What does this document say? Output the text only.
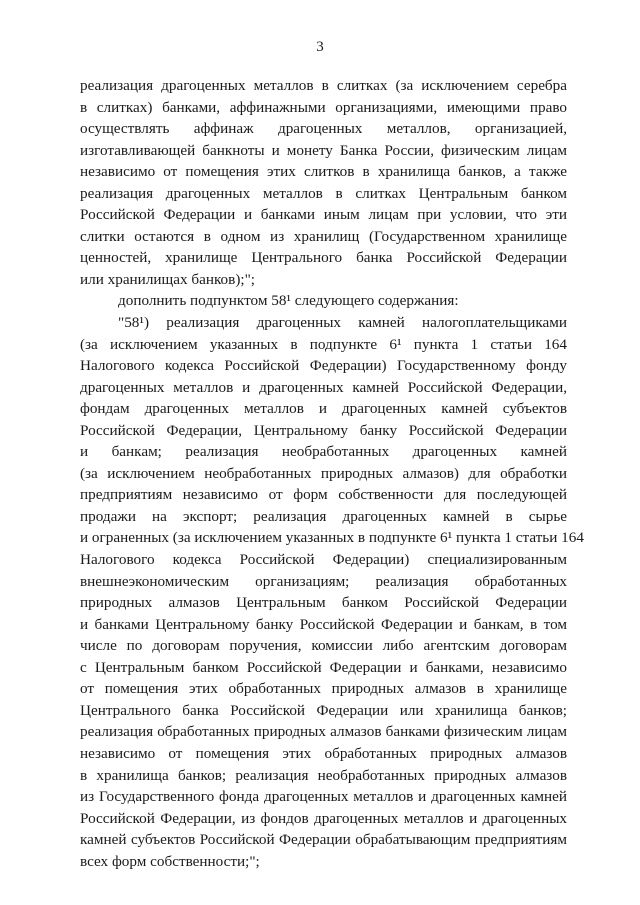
3
реализация драгоценных металлов в слитках (за исключением серебра
в слитках) банками, аффинажными организациями, имеющими право
осуществлять аффинаж драгоценных металлов, организацией,
изготавливающей банкноты и монету Банка России, физическим лицам
независимо от помещения этих слитков в хранилища банков, а также
реализация драгоценных металлов в слитках Центральным банком
Российской Федерации и банками иным лицам при условии, что эти
слитки остаются в одном из хранилищ (Государственном хранилище
ценностей, хранилище Центрального банка Российской Федерации
или хранилищах банков);";
дополнить подпунктом 58¹ следующего содержания:
"58¹) реализация драгоценных камней налогоплательщиками
(за исключением указанных в подпункте 6¹ пункта 1 статьи 164
Налогового кодекса Российской Федерации) Государственному фонду
драгоценных металлов и драгоценных камней Российской Федерации,
фондам драгоценных металлов и драгоценных камней субъектов
Российской Федерации, Центральному банку Российской Федерации
и банкам; реализация необработанных драгоценных камней
(за исключением необработанных природных алмазов) для обработки
предприятиям независимо от форм собственности для последующей
продажи на экспорт; реализация драгоценных камней в сырье
и ограненных (за исключением указанных в подпункте 6¹ пункта 1 статьи 164
Налогового кодекса Российской Федерации) специализированным
внешнеэкономическим организациям; реализация обработанных
природных алмазов Центральным банком Российской Федерации
и банками Центральному банку Российской Федерации и банкам, в том
числе по договорам поручения, комиссии либо агентским договорам
с Центральным банком Российской Федерации и банками, независимо
от помещения этих обработанных природных алмазов в хранилище
Центрального банка Российской Федерации или хранилища банков;
реализация обработанных природных алмазов банками физическим лицам
независимо от помещения этих обработанных природных алмазов
в хранилища банков; реализация необработанных природных алмазов
из Государственного фонда драгоценных металлов и драгоценных камней
Российской Федерации, из фондов драгоценных металлов и драгоценных
камней субъектов Российской Федерации обрабатывающим предприятиям
всех форм собственности;";
